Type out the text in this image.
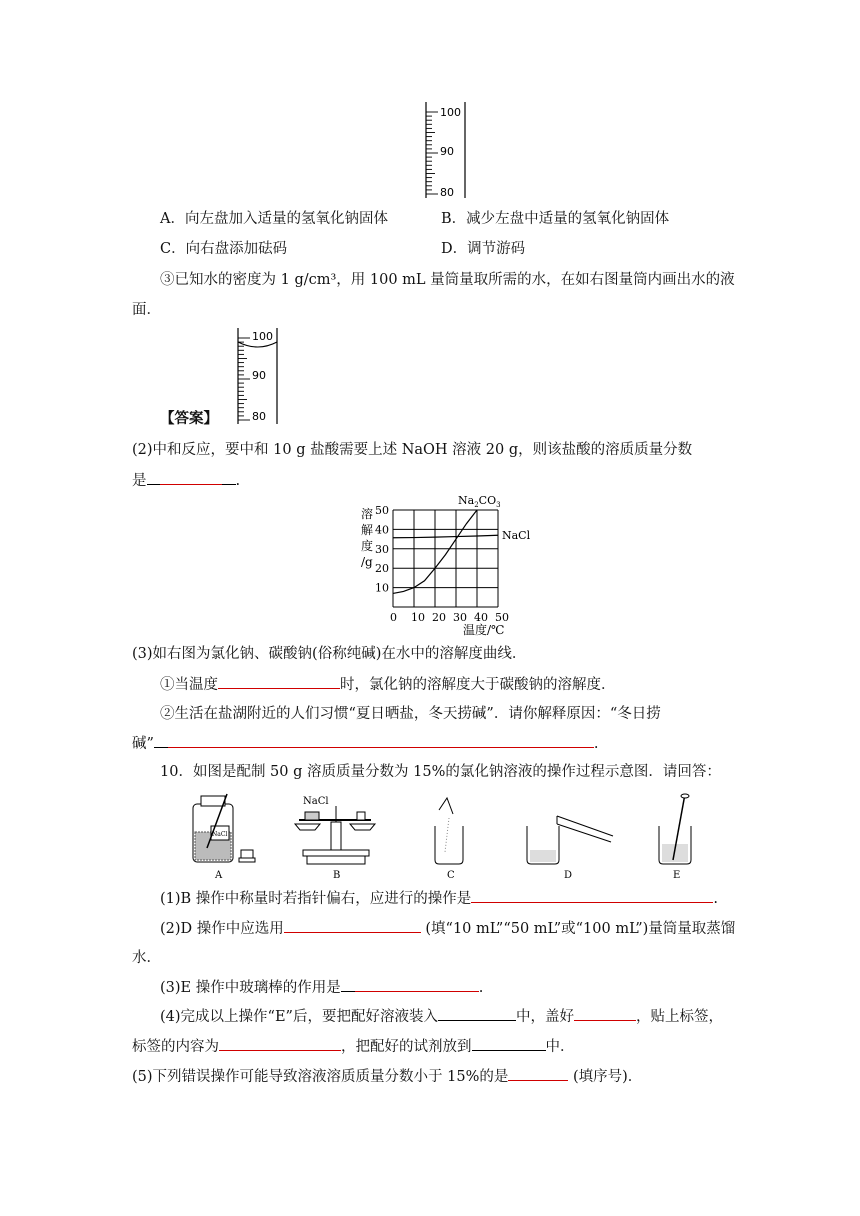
100
90
80
A．向左盘加入适量的氢氧化钠固体	B．减少左盘中适量的氢氧化钠固体
C．向右盘添加砝码	D．调节游码
③已知水的密度为 1 g/cm³，用 100 mL 量筒量取所需的水，在如右图量筒内画出水的液
面．
100
90
80
【答案】
(2)中和反应，要中和 10 g 盐酸需要上述 NaOH 溶液 20 g，则该盐酸的溶质质量分数
是	.
0 10 20 30 40 50
10
20
30
40
50
溶
解
度
/g
温度/℃
NaCl
$Na_2CO_3$
(3)如右图为氯化钠、碳酸钠(俗称纯碱)在水中的溶解度曲线．
①当温度	时，氯化钠的溶解度大于碳酸钠的溶解度．
②生活在盐湖附近的人们习惯“夏日晒盐，冬天捞碱”．请你解释原因：“冬日捞
碱”	.
10．如图是配制 50 g 溶质质量分数为 15%的氯化钠溶液的操作过程示意图．请回答：
NaCl
NaCl
A	B	C	D	E
(1)B 操作中称量时若指针偏右，应进行的操作是	.
(2)D 操作中应选用	(填“10 mL”“50 mL”或“100 mL”)量筒量取蒸馏
水．
(3)E 操作中玻璃棒的作用是	.
(4)完成以上操作“E”后，要把配好溶液装入	中，盖好	，贴上标签，
标签的内容为	，把配好的试剂放到	中．
(5)下列错误操作可能导致溶液溶质质量分数小于 15%的是	(填序号)．
